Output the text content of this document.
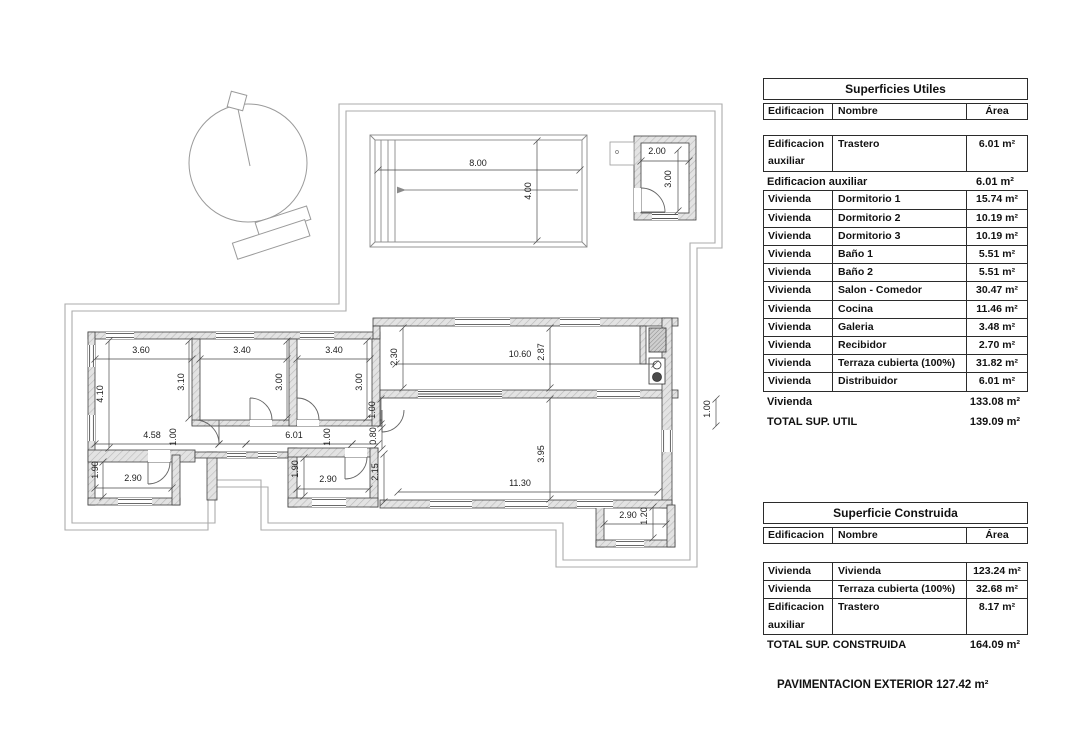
8.00
4.00
2.00
3.00
3.60	3.40	3.40
4.10
3.10	3.00	3.00
2.30	10.60 2.87
1.00
0.80
2.15
1.00
4.58 1.00	6.01 1.00
1.90	2.90
1.90
2.90
3.95
11.30
2.90 1.20
Superficies Utiles
Edificacion	Nombre	Área
Edificacion auxiliar
Trastero	6.01 m²
Edificacion auxiliar	6.01 m²
Vivienda	Dormitorio 1	15.74 m²
Vivienda	Dormitorio 2	10.19 m²
Vivienda	Dormitorio 3	10.19 m²
Vivienda	Baño 1	5.51 m²
Vivienda	Baño 2	5.51 m²
Vivienda	Salon - Comedor	30.47 m²
Vivienda	Cocina	11.46 m²
Vivienda	Galeria	3.48 m²
Vivienda	Recibidor	2.70 m²
Vivienda	Terraza cubierta (100%)	31.82 m²
Vivienda	Distribuidor	6.01 m²
Vivienda	133.08 m²
TOTAL SUP. UTIL	139.09 m²
Superficie Construida
Edificacion	Nombre	Área
Vivienda	Vivienda	123.24 m²
Vivienda	Terraza cubierta (100%)	32.68 m²
Edificacion auxiliar
Trastero	8.17 m²
TOTAL SUP. CONSTRUIDA	164.09 m²
PAVIMENTACION EXTERIOR 127.42 m²
